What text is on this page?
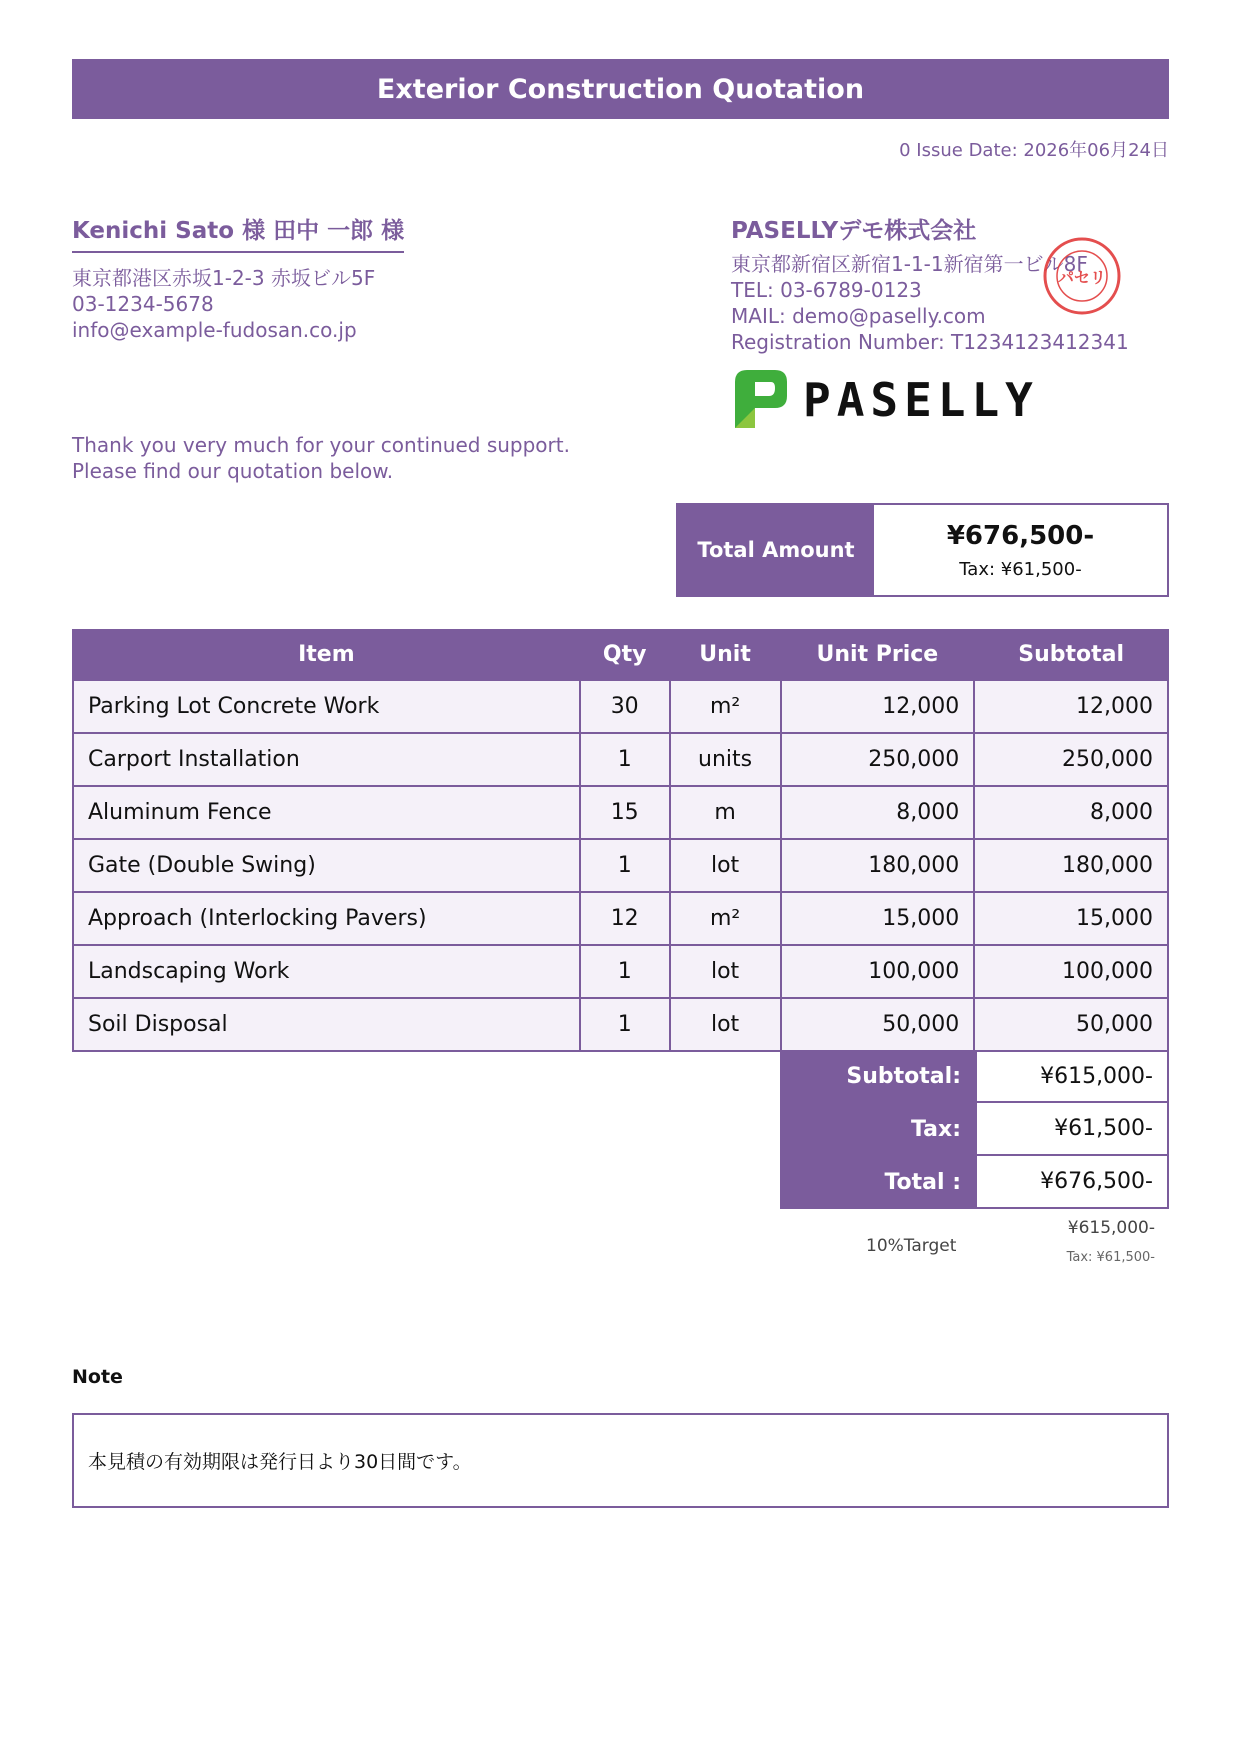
Exterior Construction Quotation
0 Issue Date: 2026年06月24日
Kenichi Sato 様 田中 一郎 様
東京都港区赤坂1-2-3 赤坂ビル5F
03-1234-5678
info@example-fudosan.co.jp
PASELLYデモ株式会社
東京都新宿区新宿1-1-1新宿第一ビル8F
TEL: 03-6789-0123
MAIL: demo@paselly.com
Registration Number: T1234123412341
パセリ
PASELLY
Thank you very much for your continued support.
Please find our quotation below.
Total Amount	¥676,500-
Tax: ¥61,500-
Item	Qty	Unit	Unit Price	Subtotal
Parking Lot Concrete Work	30	m²	12,000	12,000
Carport Installation	1	units	250,000	250,000
Aluminum Fence	15	m	8,000	8,000
Gate (Double Swing)	1	lot	180,000	180,000
Approach (Interlocking Pavers)	12	m²	15,000	15,000
Landscaping Work	1	lot	100,000	100,000
Soil Disposal	1	lot	50,000	50,000
Subtotal:	¥615,000-
Tax:	¥61,500-
Total :	¥676,500-
10%Target
¥615,000-
Tax: ¥61,500-
Note
本見積の有効期限は発行日より30日間です。
